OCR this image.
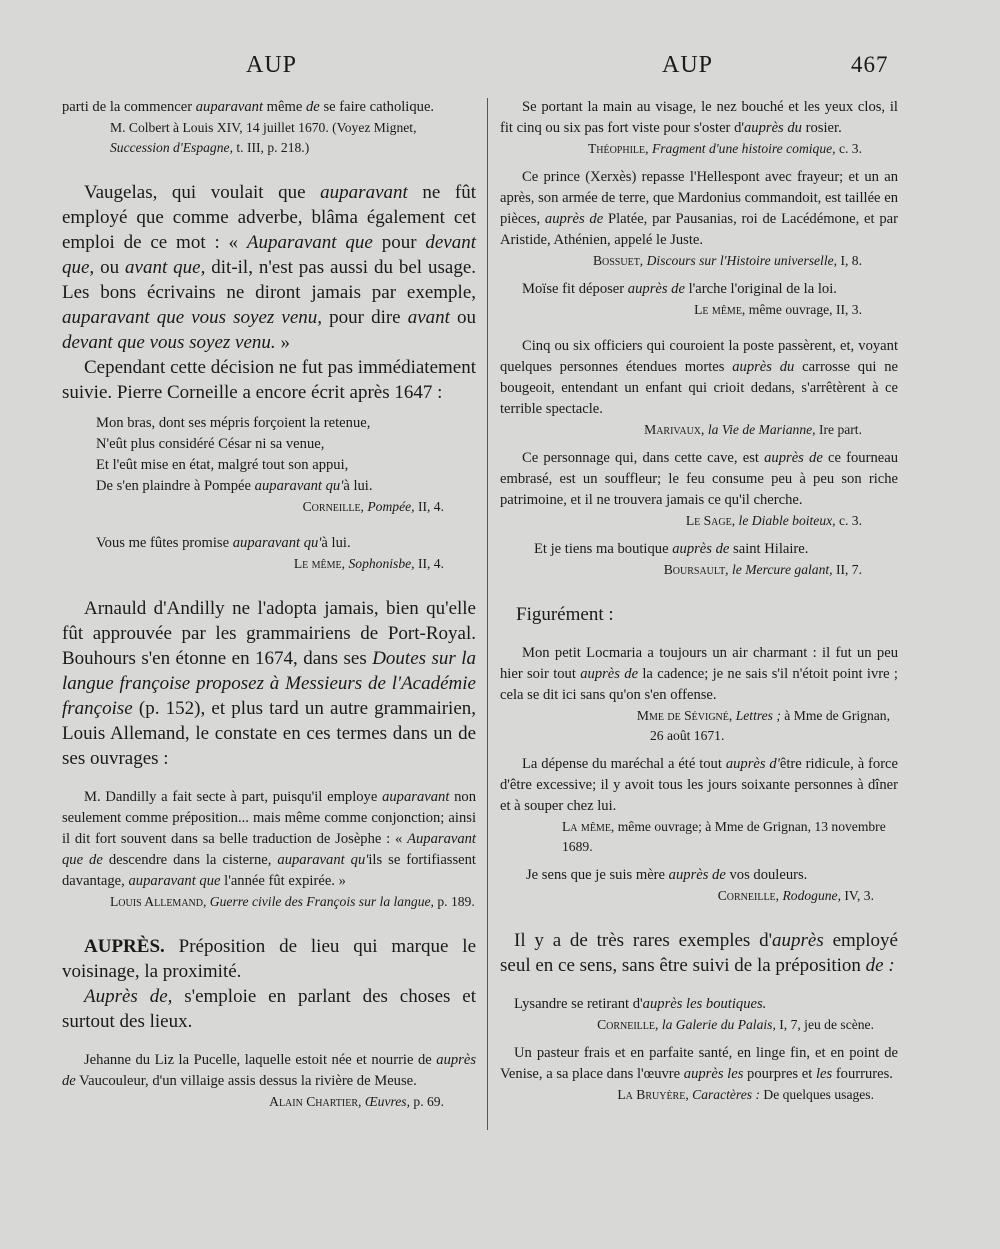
AUP	AUP	467

parti de la commencer auparavant même de se faire catholique.

M. Colbert à Louis XIV, 14 juillet 1670. (Voyez Mignet, Succession d'Espagne, t. III, p. 218.)

Vaugelas, qui voulait que auparavant ne fût employé que comme adverbe, blâma également cet emploi de ce mot : « Auparavant que pour devant que, ou avant que, dit-il, n'est pas aussi du bel usage. Les bons écrivains ne diront jamais par exemple, auparavant que vous soyez venu, pour dire avant ou devant que vous soyez venu. »

Cependant cette décision ne fut pas immédiatement suivie. Pierre Corneille a encore écrit après 1647 :

Mon bras, dont ses mépris forçoient la retenue,

N'eût plus considéré César ni sa venue,

Et l'eût mise en état, malgré tout son appui,

De s'en plaindre à Pompée auparavant qu'à lui.

Corneille, Pompée, II, 4.

Vous me fûtes promise auparavant qu'à lui.

Le même, Sophonisbe, II, 4.

Arnauld d'Andilly ne l'adopta jamais, bien qu'elle fût approuvée par les grammairiens de Port-Royal. Bouhours s'en étonne en 1674, dans ses Doutes sur la langue françoise proposez à Messieurs de l'Académie françoise (p. 152), et plus tard un autre grammairien, Louis Allemand, le constate en ces termes dans un de ses ouvrages :

M. Dandilly a fait secte à part, puisqu'il employe auparavant non seulement comme préposition... mais même comme conjonction; ainsi il dit fort souvent dans sa belle traduction de Josèphe : « Auparavant que de descendre dans la cisterne, auparavant qu'ils se fortifiassent davantage, auparavant que l'année fût expirée. »

Louis Allemand, Guerre civile des François sur la langue, p. 189.

AUPRÈS. Préposition de lieu qui marque le voisinage, la proximité.

Auprès de, s'emploie en parlant des choses et surtout des lieux.

Jehanne du Liz la Pucelle, laquelle estoit née et nourrie de auprès de Vaucouleur, d'un villaige assis dessus la rivière de Meuse.

Alain Chartier, Œuvres, p. 69.

Se portant la main au visage, le nez bouché et les yeux clos, il fit cinq ou six pas fort viste pour s'oster d'auprès du rosier.

Théophile, Fragment d'une histoire comique, c. 3.

Ce prince (Xerxès) repasse l'Hellespont avec frayeur; et un an après, son armée de terre, que Mardonius commandoit, est taillée en pièces, auprès de Platée, par Pausanias, roi de Lacédémone, et par Aristide, Athénien, appelé le Juste.

Bossuet, Discours sur l'Histoire universelle, I, 8.

Moïse fit déposer auprès de l'arche l'original de la loi.

Le même, même ouvrage, II, 3.

Cinq ou six officiers qui couroient la poste passèrent, et, voyant quelques personnes étendues mortes auprès du carrosse qui ne bougeoit, entendant un enfant qui crioit dedans, s'arrêtèrent à ce terrible spectacle.

Marivaux, la Vie de Marianne, Ire part.

Ce personnage qui, dans cette cave, est auprès de ce fourneau embrasé, est un souffleur; le feu consume peu à peu son riche patrimoine, et il ne trouvera jamais ce qu'il cherche.

Le Sage, le Diable boiteux, c. 3.

Et je tiens ma boutique auprès de saint Hilaire.

Boursault, le Mercure galant, II, 7.

Figurément :

Mon petit Locmaria a toujours un air charmant : il fut un peu hier soir tout auprès de la cadence; je ne sais s'il n'étoit point ivre ; cela se dit ici sans qu'on s'en offense.

Mme de Sévigné, Lettres ; à Mme de Grignan,

26 août 1671.

La dépense du maréchal a été tout auprès d'être ridicule, à force d'être excessive; il y avoit tous les jours soixante personnes à dîner et à souper chez lui.

La même, même ouvrage; à Mme de Grignan, 13 novembre 1689.

Je sens que je suis mère auprès de vos douleurs.

Corneille, Rodogune, IV, 3.

Il y a de très rares exemples d'auprès employé seul en ce sens, sans être suivi de la préposition de :

Lysandre se retirant d'auprès les boutiques.

Corneille, la Galerie du Palais, I, 7, jeu de scène.

Un pasteur frais et en parfaite santé, en linge fin, et en point de Venise, a sa place dans l'œuvre auprès les pourpres et les fourrures.

La Bruyère, Caractères : De quelques usages.
